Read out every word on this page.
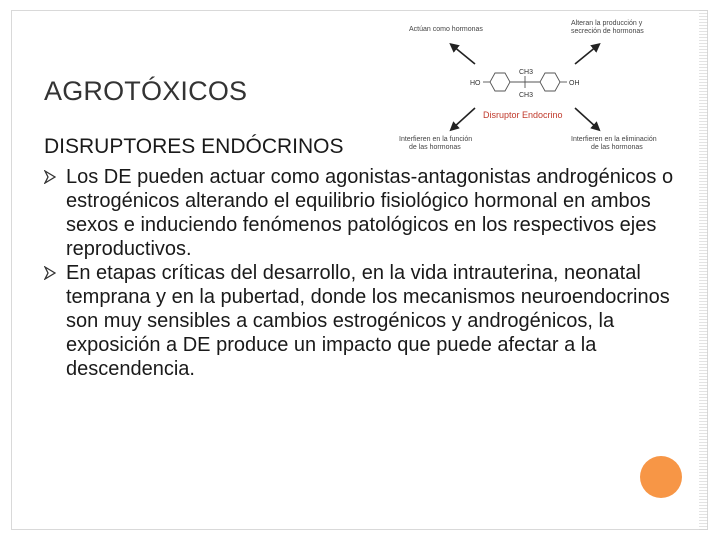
AGROTÓXICOS
DISRUPTORES ENDÓCRINOS
Los DE pueden actuar como agonistas-antagonistas androgénicos o estrogénicos alterando el equilibrio fisiológico hormonal en ambos sexos e induciendo fenómenos patológicos en los respectivos ejes reproductivos.
En etapas críticas del desarrollo, en la vida intrauterina, neonatal temprana y en la pubertad, donde los mecanismos neuroendocrinos son muy sensibles a cambios estrogénicos y androgénicos, la exposición a DE produce un impacto que puede afectar a la descendencia.
Actúan como hormonas
Alteran la producción y
secreción de hormonas
Interfieren en la función
de las hormonas
Interfieren en la eliminación
de las hormonas
HO	OH
CH3
CH3
Disruptor Endocrino
